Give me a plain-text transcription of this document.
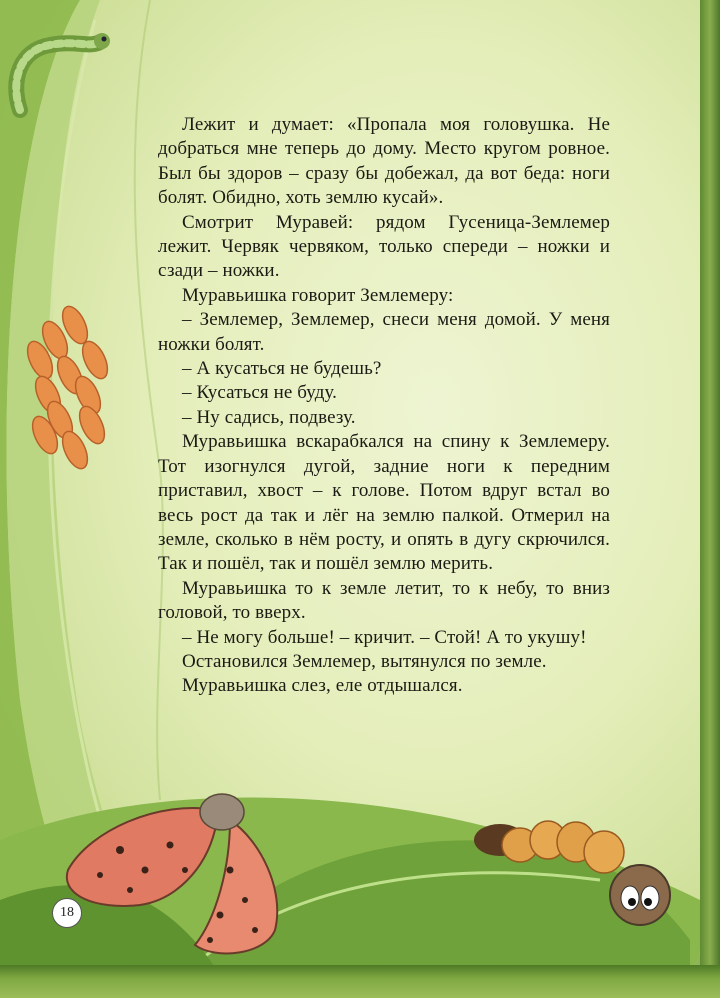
Лежит и думает: «Пропала моя головушка. Не добраться мне теперь до дому. Место кругом ровное. Был бы здоров – сразу бы добежал, да вот беда: ноги болят. Обидно, хоть землю кусай».

Смотрит Муравей: рядом Гусеница-Землемер лежит. Червяк червяком, только спереди – ножки и сзади – ножки.

Муравьишка говорит Землемеру:

– Землемер, Землемер, снеси меня домой. У меня ножки болят.

– А кусаться не будешь?

– Кусаться не буду.

– Ну садись, подвезу.

Муравьишка вскарабкался на спину к Землемеру. Тот изогнулся дугой, задние ноги к передним приставил, хвост – к голове. Потом вдруг встал во весь рост да так и лёг на землю палкой. Отмерил на земле, сколько в нём росту, и опять в дугу скрючился. Так и пошёл, так и пошёл землю мерить.

Муравьишка то к земле летит, то к небу, то вниз головой, то вверх.

– Не могу больше! – кричит. – Стой! А то укушу!

Остановился Землемер, вытянулся по земле.

Муравьишка слез, еле отдышался.

18
